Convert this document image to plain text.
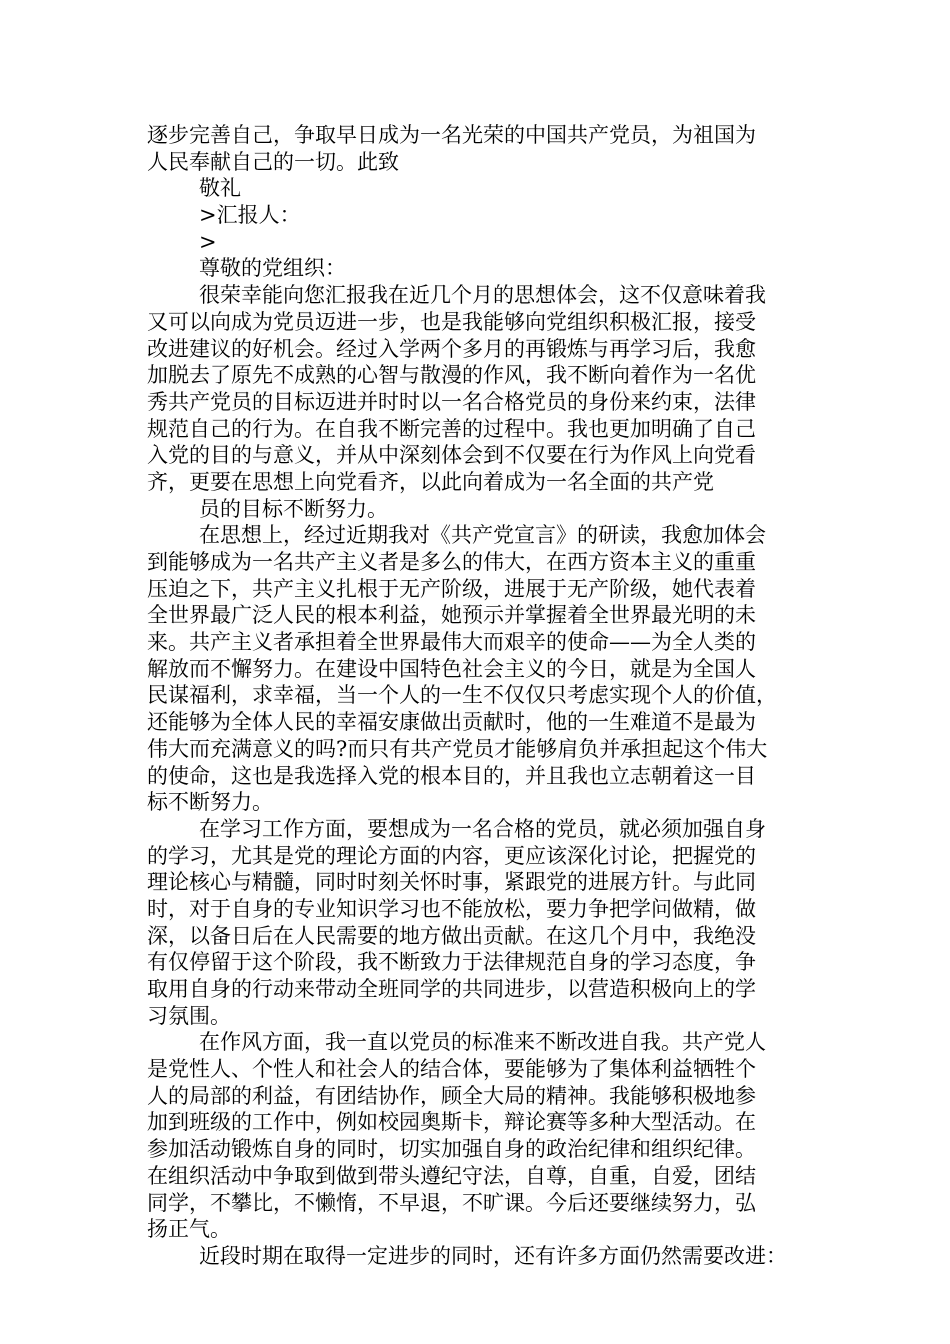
逐步完善自己，争取早日成为一名光荣的中国共产党员，为祖国为
人民奉献自己的一切。此致
敬礼
>汇报人：
>
尊敬的党组织：
很荣幸能向您汇报我在近几个月的思想体会，这不仅意味着我
又可以向成为党员迈进一步，也是我能够向党组织积极汇报，接受
改进建议的好机会。经过入学两个多月的再锻炼与再学习后，我愈
加脱去了原先不成熟的心智与散漫的作风，我不断向着作为一名优
秀共产党员的目标迈进并时时以一名合格党员的身份来约束，法律
规范自己的行为。在自我不断完善的过程中。我也更加明确了自己
入党的目的与意义，并从中深刻体会到不仅要在行为作风上向党看
齐，更要在思想上向党看齐，以此向着成为一名全面的共产党
员的目标不断努力。
在思想上，经过近期我对《共产党宣言》的研读，我愈加体会
到能够成为一名共产主义者是多么的伟大，在西方资本主义的重重
压迫之下，共产主义扎根于无产阶级，进展于无产阶级，她代表着
全世界最广泛人民的根本利益，她预示并掌握着全世界最光明的未
来。共产主义者承担着全世界最伟大而艰辛的使命——为全人类的
解放而不懈努力。在建设中国特色社会主义的今日，就是为全国人
民谋福利，求幸福，当一个人的一生不仅仅只考虑实现个人的价值，
还能够为全体人民的幸福安康做出贡献时，他的一生难道不是最为
伟大而充满意义的吗?而只有共产党员才能够肩负并承担起这个伟大
的使命，这也是我选择入党的根本目的，并且我也立志朝着这一目
标不断努力。
在学习工作方面，要想成为一名合格的党员，就必须加强自身
的学习，尤其是党的理论方面的内容，更应该深化讨论，把握党的
理论核心与精髓，同时时刻关怀时事，紧跟党的进展方针。与此同
时，对于自身的专业知识学习也不能放松，要力争把学问做精，做
深，以备日后在人民需要的地方做出贡献。在这几个月中，我绝没
有仅停留于这个阶段，我不断致力于法律规范自身的学习态度，争
取用自身的行动来带动全班同学的共同进步，以营造积极向上的学
习氛围。
在作风方面，我一直以党员的标准来不断改进自我。共产党人
是党性人、个性人和社会人的结合体，要能够为了集体利益牺牲个
人的局部的利益，有团结协作，顾全大局的精神。我能够积极地参
加到班级的工作中，例如校园奥斯卡，辩论赛等多种大型活动。在
参加活动锻炼自身的同时，切实加强自身的政治纪律和组织纪律。
在组织活动中争取到做到带头遵纪守法，自尊，自重，自爱，团结
同学，不攀比，不懒惰，不早退，不旷课。今后还要继续努力，弘
扬正气。
近段时期在取得一定进步的同时，还有许多方面仍然需要改进：
